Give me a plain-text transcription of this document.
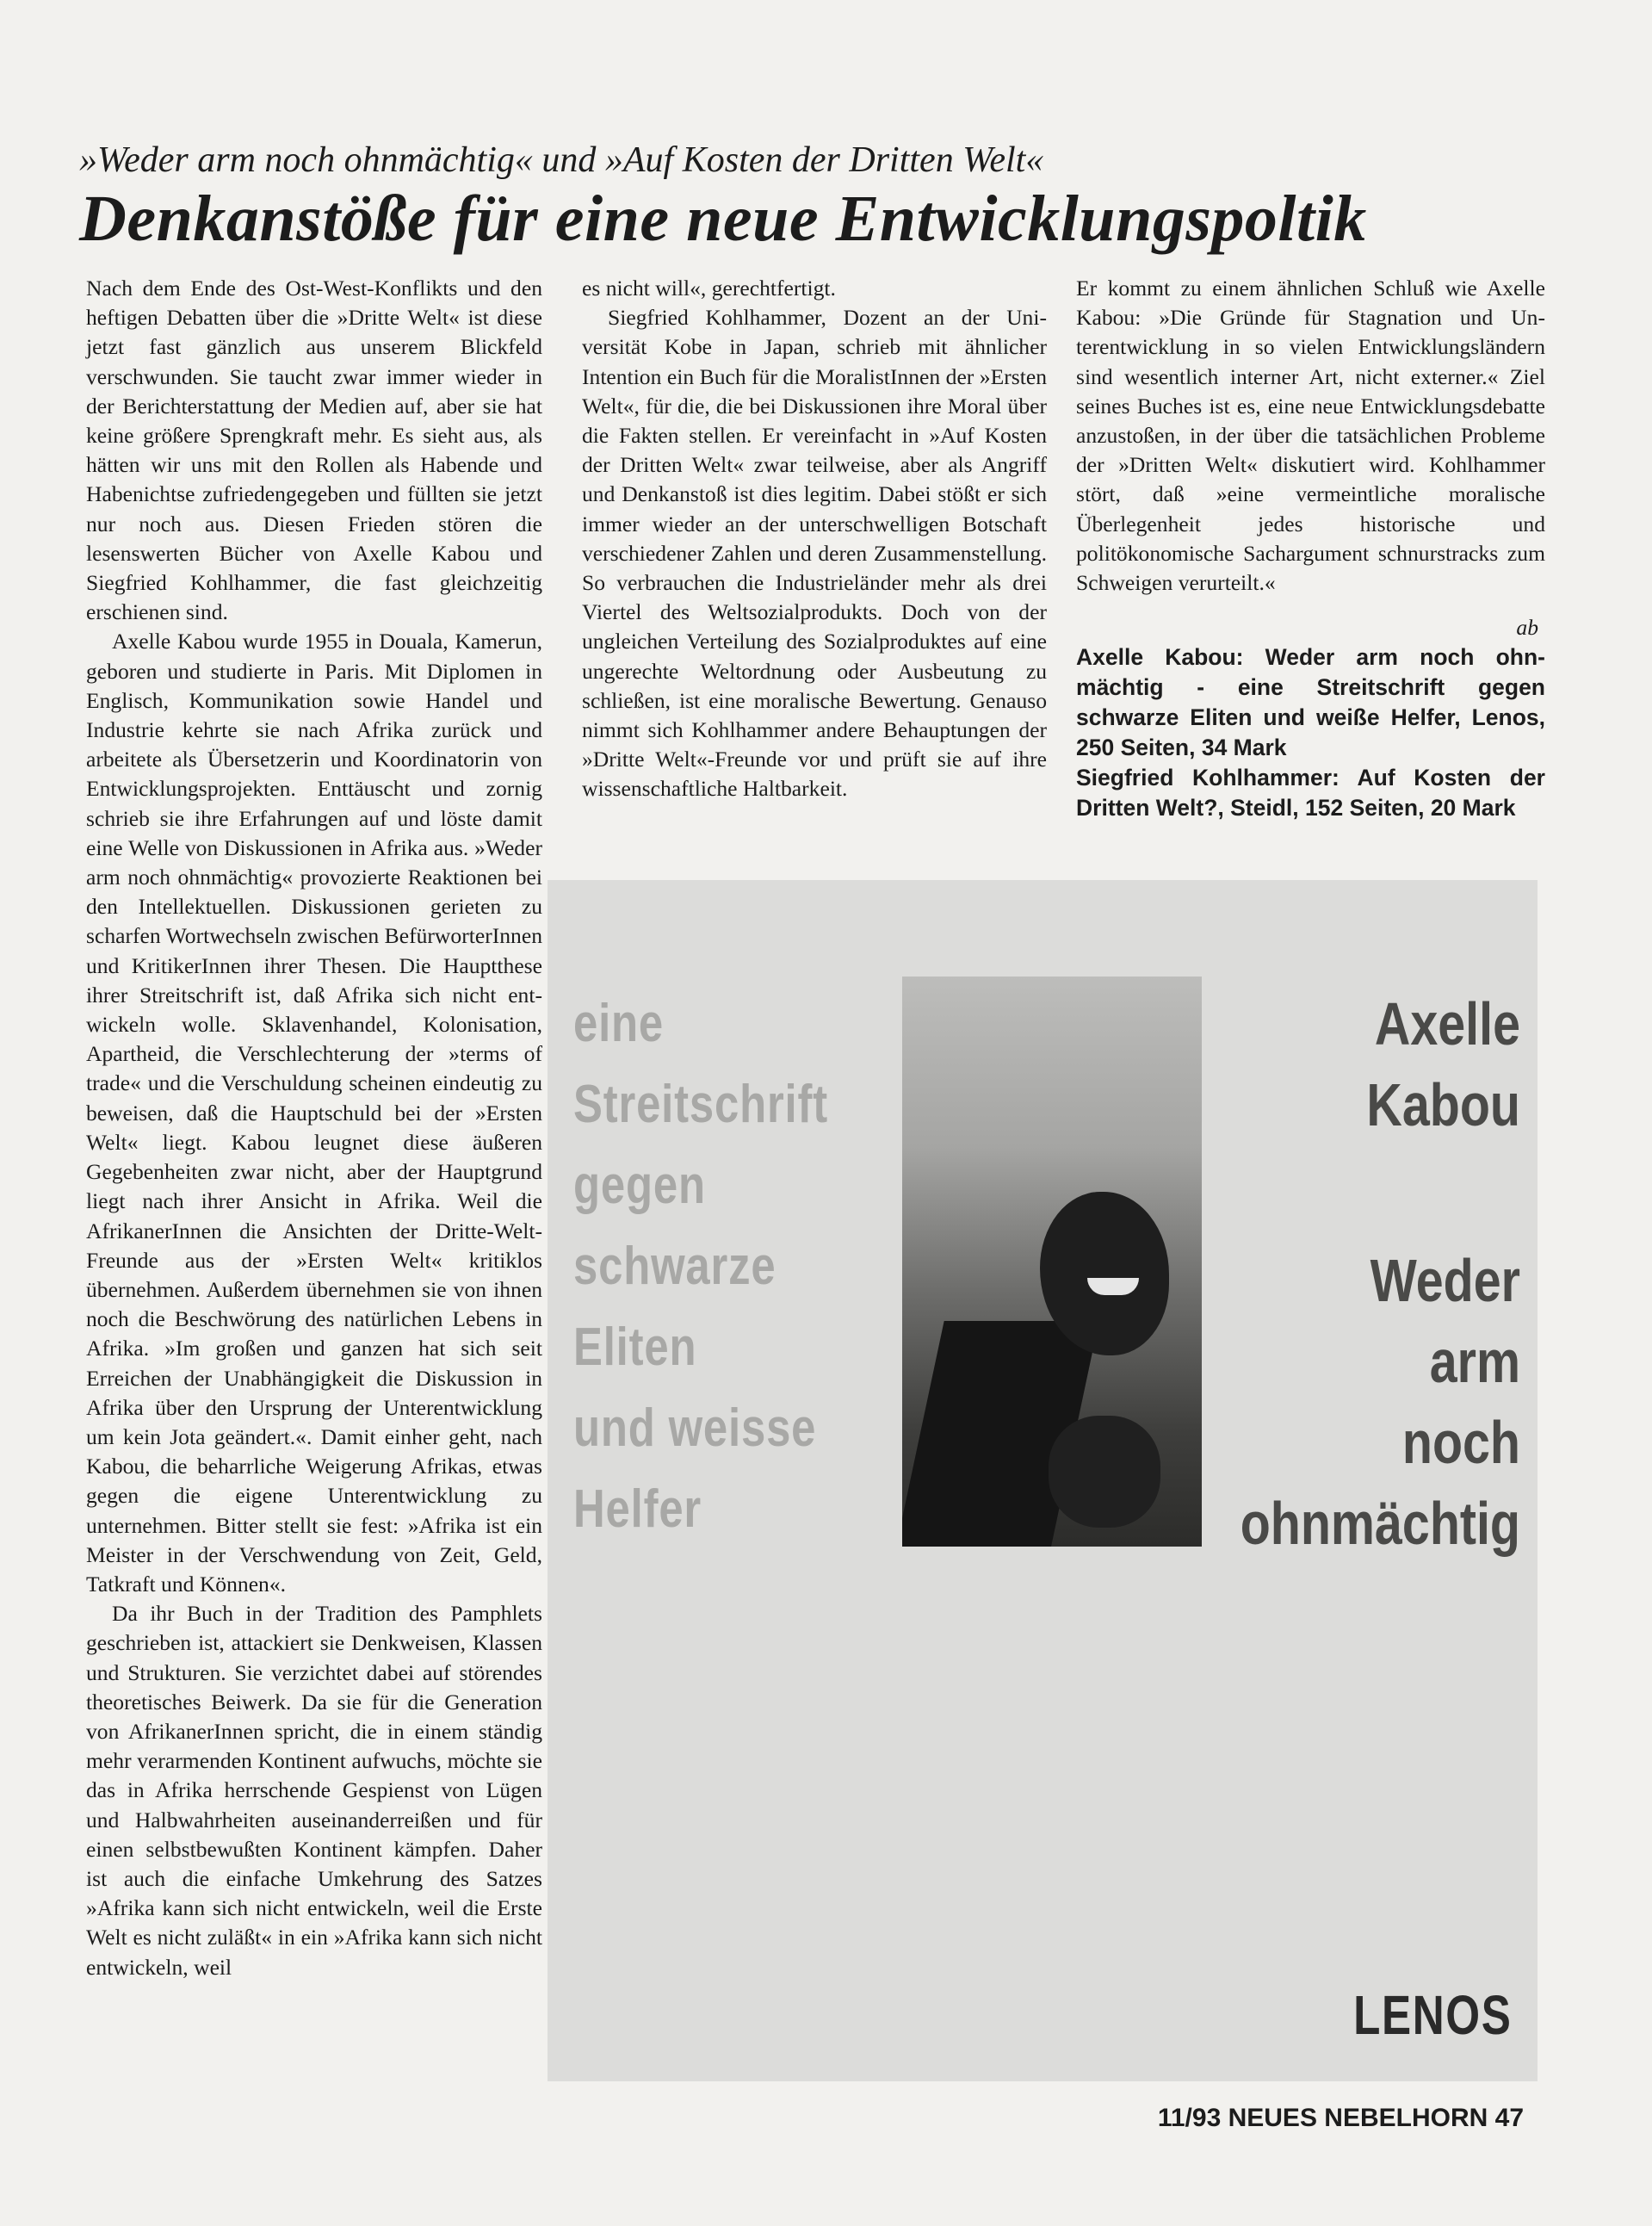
»Weder arm noch ohnmächtig« und »Auf Kosten der Dritten Welt«
Denkanstöße für eine neue Entwicklungspoltik

Nach dem Ende des Ost-West-Konflikts und den heftigen Debatten über die »Dritte Welt« ist diese jetzt fast gänzlich aus unserem Blickfeld verschwunden. Sie taucht zwar immer wieder in der Berichterstattung der Medien auf, aber sie hat keine größere Sprengkraft mehr. Es sieht aus, als hätten wir uns mit den Rollen als Habende und Habenichtse zufriedengegeben und füllten sie jetzt nur noch aus. Diesen Frieden stören die lesenswerten Bücher von Axelle Kabou und Siegfried Kohlhammer, die fast gleichzeitig erschienen sind.

Axelle Kabou wurde 1955 in Douala, Kamerun, geboren und studierte in Paris. Mit Diplomen in Englisch, Kommunikation sowie Handel und Industrie kehrte sie nach Afrika zurück und arbeitete als Übersetzerin und Koordinatorin von Entwicklungsprojekten. Enttäuscht und zornig schrieb sie ihre Erfahrungen auf und löste damit eine Welle von Diskussionen in Afrika aus. »Weder arm noch ohnmächtig« provozierte Reaktionen bei den Intellektuellen. Diskussionen gerieten zu scharfen Wortwechseln zwischen BefürworterInnen und KritikerInnen ihrer Thesen. Die Hauptthese ihrer Streitschrift ist, daß Afrika sich nicht entwickeln wolle. Sklavenhandel, Kolonisation, Apartheid, die Verschlechterung der »terms of trade« und die Verschuldung scheinen eindeutig zu beweisen, daß die Hauptschuld bei der »Ersten Welt« liegt. Kabou leugnet diese äußeren Gegebenheiten zwar nicht, aber der Hauptgrund liegt nach ihrer Ansicht in Afrika. Weil die AfrikanerInnen die Ansichten der Dritte-Welt-Freunde aus der »Ersten Welt« kritiklos übernehmen. Außerdem übernehmen sie von ihnen noch die Beschwörung des natürlichen Lebens in Afrika. »Im großen und ganzen hat sich seit Erreichen der Unabhängigkeit die Diskussion in Afrika über den Ursprung der Unterentwicklung um kein Jota geändert.«. Damit einher geht, nach Kabou, die beharrliche Weigerung Afrikas, etwas gegen die eigene Unterentwicklung zu unternehmen. Bitter stellt sie fest: »Afrika ist ein Meister in der Verschwendung von Zeit, Geld, Tatkraft und Können«.

Da ihr Buch in der Tradition des Pamphlets geschrieben ist, attackiert sie Denkweisen, Klassen und Strukturen. Sie verzichtet dabei auf störendes theoretisches Beiwerk. Da sie für die Generation von AfrikanerInnen spricht, die in einem ständig mehr verarmenden Kontinent aufwuchs, möchte sie das in Afrika herrschende Gespienst von Lügen und Halbwahrheiten auseinanderreißen und für einen selbstbewußten Kontinent kämpfen. Daher ist auch die einfache Umkehrung des Satzes »Afrika kann sich nicht entwickeln, weil die Erste Welt es nicht zuläßt« in ein »Afrika kann sich nicht entwickeln, weil

es nicht will«, gerechtfertigt.

Siegfried Kohlhammer, Dozent an der Universität Kobe in Japan, schrieb mit ähnlicher Intention ein Buch für die MoralistInnen der »Ersten Welt«, für die, die bei Diskussionen ihre Moral über die Fakten stellen. Er vereinfacht in »Auf Kosten der Dritten Welt« zwar teilweise, aber als Angriff und Denkanstoß ist dies legitim. Dabei stößt er sich immer wieder an der unterschwelligen Botschaft verschiedener Zahlen und deren Zusammenstellung. So verbrauchen die Industrieländer mehr als drei Viertel des Weltsozialprodukts. Doch von der ungleichen Verteilung des Sozialproduktes auf eine ungerechte Weltordnung oder Ausbeutung zu schließen, ist eine moralische Bewertung. Genauso nimmt sich Kohlhammer andere Behauptungen der »Dritte Welt«-Freunde vor und prüft sie auf ihre wissenschaftliche Haltbarkeit.

Er kommt zu einem ähnlichen Schluß wie Axelle Kabou: »Die Gründe für Stagnation und Unterentwicklung in so vielen Entwicklungsländern sind wesentlich interner Art, nicht externer.« Ziel seines Buches ist es, eine neue Entwicklungsdebatte anzustoßen, in der über die tatsächlichen Probleme der »Dritten Welt« diskutiert wird. Kohlhammer stört, daß »eine vermeintliche moralische Überlegenheit jedes historische und politökonomische Sachargument schnurstracks zum Schweigen verurteilt.«

ab

Axelle Kabou: Weder arm noch ohnmächtig - eine Streitschrift gegen schwarze Eliten und weiße Helfer, Lenos, 250 Seiten, 34 Mark

Siegfried Kohlhammer: Auf Kosten der Dritten Welt?, Steidl, 152 Seiten, 20 Mark

eine
Streitschrift
gegen
schwarze
Eliten
und weisse
Helfer
Axelle
Kabou
Weder
arm
noch
ohnmächtig
LENOS
11/93 NEUES NEBELHORN 47
